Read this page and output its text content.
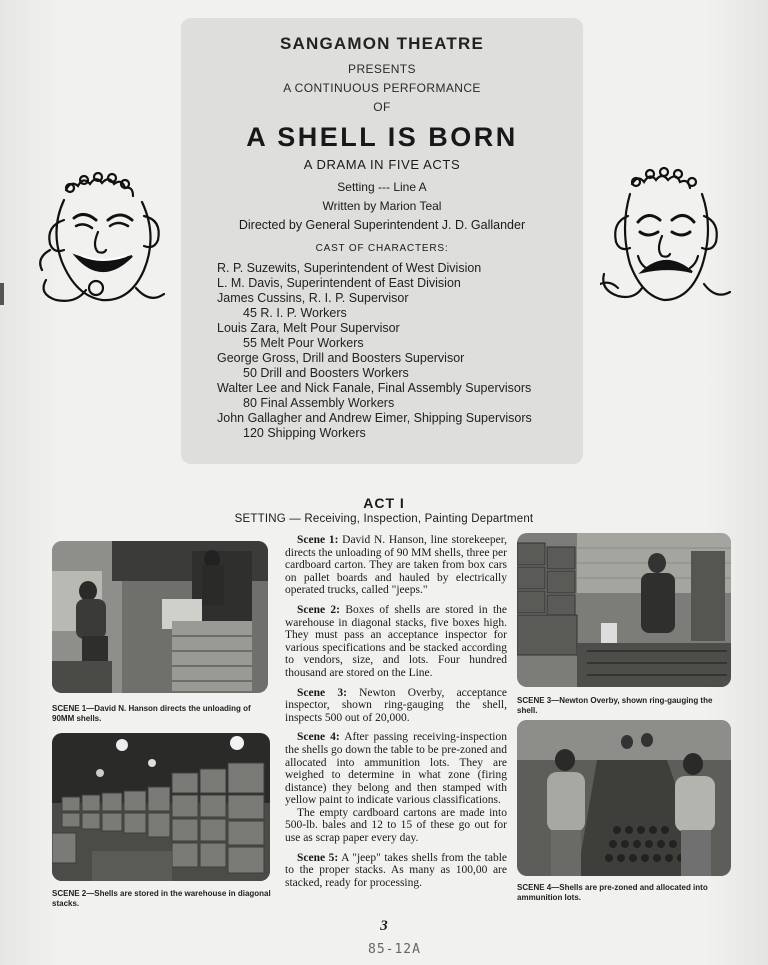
SANGAMON THEATRE
PRESENTS
A CONTINUOUS PERFORMANCE
OF
A SHELL IS BORN
A DRAMA IN FIVE ACTS
Setting --- Line A
Written by Marion Teal
Directed by General Superintendent J. D. Gallander
CAST OF CHARACTERS:
R. P. Suzewits, Superintendent of West Division
L. M. Davis, Superintendent of East Division
James Cussins, R. I. P. Supervisor
45 R. I. P. Workers
Louis Zara, Melt Pour Supervisor
55 Melt Pour Workers
George Gross, Drill and Boosters Supervisor
50 Drill and Boosters Workers
Walter Lee and Nick Fanale, Final Assembly Supervisors
80 Final Assembly Workers
John Gallagher and Andrew Eimer, Shipping Supervisors
120 Shipping Workers
ACT I
SETTING — Receiving, Inspection, Painting Department
SCENE 1—David N. Hanson directs the unloading of 90MM shells.
SCENE 2—Shells are stored in the warehouse in diagonal stacks.
SCENE 3—Newton Overby, shown ring-gauging the shell.
SCENE 4—Shells are pre-zoned and allocated into ammunition lots.

Scene 1: David N. Hanson, line storekeeper, directs the unloading of 90 MM shells, three per cardboard carton. They are taken from box cars on pallet boards and hauled by electrically operated trucks, called "jeeps."

Scene 2: Boxes of shells are stored in the warehouse in diagonal stacks, five boxes high. They must pass an acceptance inspector for various specifications and be stacked according to vendors, size, and lots. Four hundred thousand are stored on the Line.

Scene 3: Newton Overby, acceptance inspector, shown ring-gauging the shell, inspects 500 out of 20,000.

Scene 4: After passing receiving-inspection the shells go down the table to be pre-zoned and allocated into ammunition lots. They are weighed to determine in what zone (firing distance) they belong and then stamped with yellow paint to indicate various classifications.

The empty cardboard cartons are made into 500-lb. bales and 12 to 15 of these go out for use as scrap paper every day.

Scene 5: A "jeep" takes shells from the table to the proper stacks. As many as 100,00 are stacked, ready for processing.

3
85-12A
